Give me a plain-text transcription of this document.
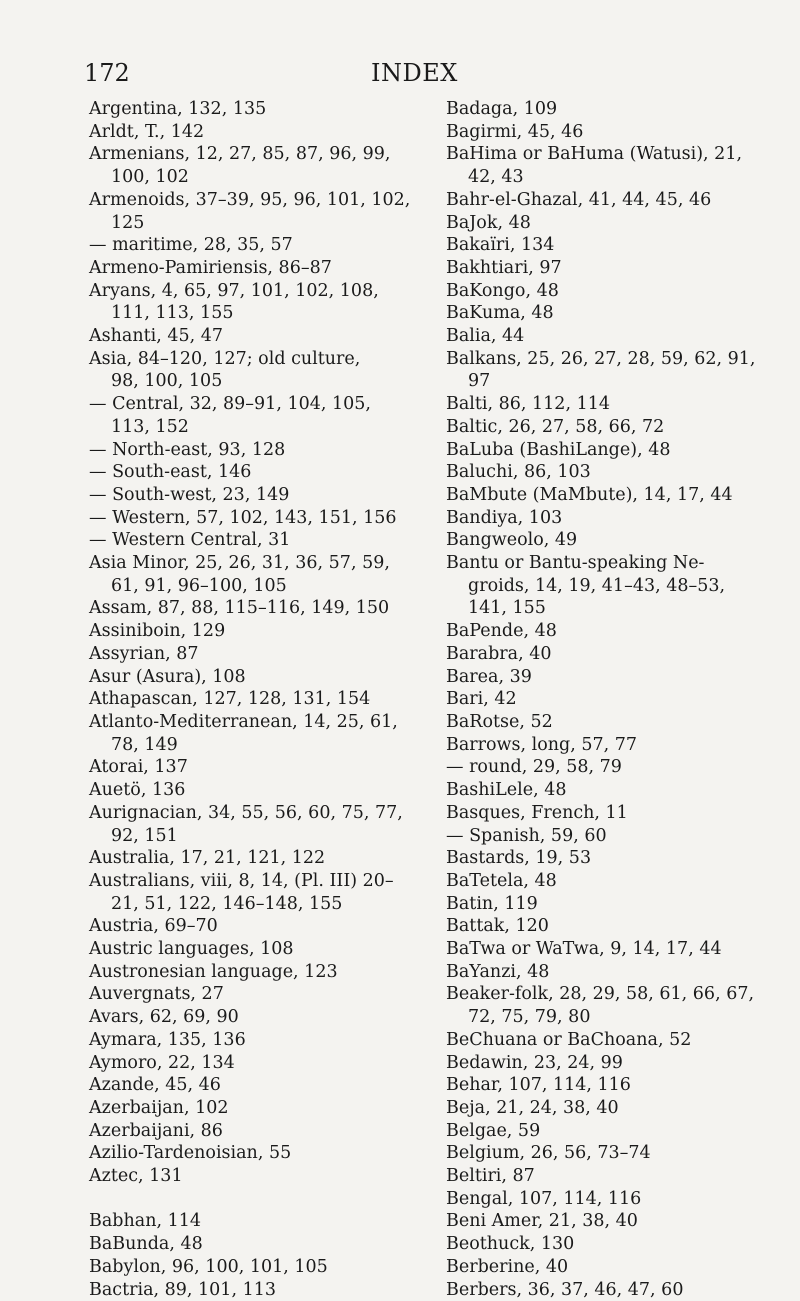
172	INDEX
Argentina, 132, 135
Arldt, T., 142
Armenians, 12, 27, 85, 87, 96, 99,
100, 102
Armenoids, 37–39, 95, 96, 101, 102,
125
— maritime, 28, 35, 57
Armeno-Pamiriensis, 86–87
Aryans, 4, 65, 97, 101, 102, 108,
111, 113, 155
Ashanti, 45, 47
Asia, 84–120, 127; old culture,
98, 100, 105
— Central, 32, 89–91, 104, 105,
113, 152
— North-east, 93, 128
— South-east, 146
— South-west, 23, 149
— Western, 57, 102, 143, 151, 156
— Western Central, 31
Asia Minor, 25, 26, 31, 36, 57, 59,
61, 91, 96–100, 105
Assam, 87, 88, 115–116, 149, 150
Assiniboin, 129
Assyrian, 87
Asur (Asura), 108
Athapascan, 127, 128, 131, 154
Atlanto-Mediterranean, 14, 25, 61,
78, 149
Atorai, 137
Auetö, 136
Aurignacian, 34, 55, 56, 60, 75, 77,
92, 151
Australia, 17, 21, 121, 122
Australians, viii, 8, 14, (Pl. III) 20–
21, 51, 122, 146–148, 155
Austria, 69–70
Austric languages, 108
Austronesian language, 123
Auvergnats, 27
Avars, 62, 69, 90
Aymara, 135, 136
Aymoro, 22, 134
Azande, 45, 46
Azerbaijan, 102
Azerbaijani, 86
Azilio-Tardenoisian, 55
Aztec, 131
Babhan, 114
BaBunda, 48
Babylon, 96, 100, 101, 105
Bactria, 89, 101, 113
Badaga, 109
Bagirmi, 45, 46
BaHima or BaHuma (Watusi), 21,
42, 43
Bahr-el-Ghazal, 41, 44, 45, 46
BaJok, 48
Bakaïri, 134
Bakhtiari, 97
BaKongo, 48
BaKuma, 48
Balia, 44
Balkans, 25, 26, 27, 28, 59, 62, 91,
97
Balti, 86, 112, 114
Baltic, 26, 27, 58, 66, 72
BaLuba (BashiLange), 48
Baluchi, 86, 103
BaMbute (MaMbute), 14, 17, 44
Bandiya, 103
Bangweolo, 49
Bantu or Bantu-speaking Ne-
groids, 14, 19, 41–43, 48–53,
141, 155
BaPende, 48
Barabra, 40
Barea, 39
Bari, 42
BaRotse, 52
Barrows, long, 57, 77
— round, 29, 58, 79
BashiLele, 48
Basques, French, 11
— Spanish, 59, 60
Bastards, 19, 53
BaTetela, 48
Batin, 119
Battak, 120
BaTwa or WaTwa, 9, 14, 17, 44
BaYanzi, 48
Beaker-folk, 28, 29, 58, 61, 66, 67,
72, 75, 79, 80
BeChuana or BaChoana, 52
Bedawin, 23, 24, 99
Behar, 107, 114, 116
Beja, 21, 24, 38, 40
Belgae, 59
Belgium, 26, 56, 73–74
Beltiri, 87
Bengal, 107, 114, 116
Beni Amer, 21, 38, 40
Beothuck, 130
Berberine, 40
Berbers, 36, 37, 46, 47, 60
